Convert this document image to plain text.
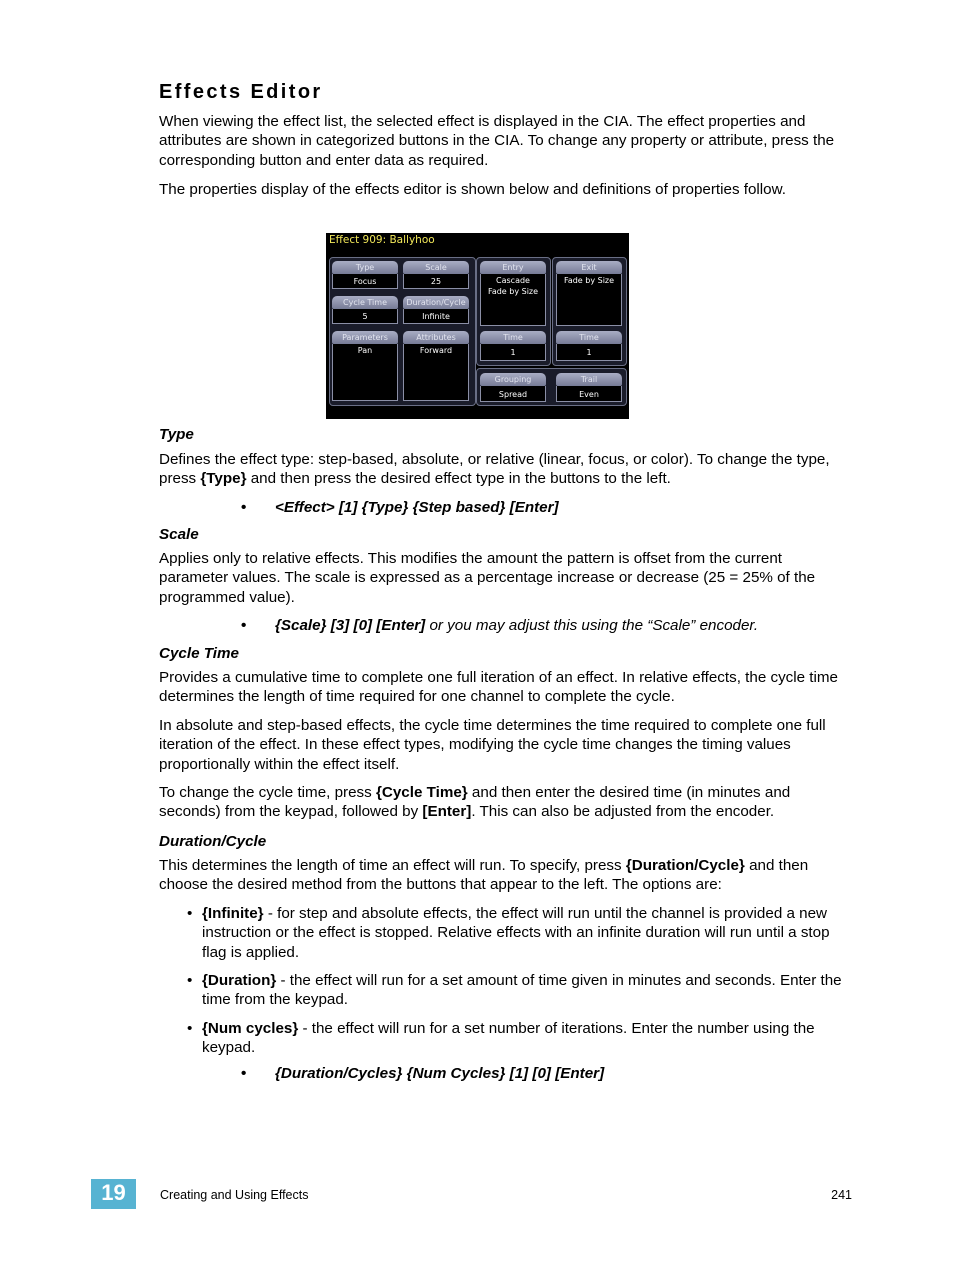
Effects Editor

When viewing the effect list, the selected effect is displayed in the CIA. The effect properties and attributes are shown in categorized buttons in the CIA. To change any property or attribute, press the corresponding button and enter data as required.

The properties display of the effects editor is shown below and definitions of properties follow.

Effect 909: Ballyhoo
Type
Focus
Scale
25
Cycle Time
5
Duration/Cycle
Infinite
Parameters
Pan
Attributes
Forward
Entry
Cascade
Fade by Size
Exit
Fade by Size
Time
1
Time
1
Grouping
Spread
Trail
Even
Type

Defines the effect type: step-based, absolute, or relative (linear, focus, or color). To change the type, press {Type} and then press the desired effect type in the buttons to the left.

• <Effect> [1] {Type} {Step based} [Enter]
Scale

Applies only to relative effects. This modifies the amount the pattern is offset from the current parameter values. The scale is expressed as a percentage increase or decrease (25 = 25% of the programmed value).

• {Scale} [3] [0] [Enter] or you may adjust this using the “Scale” encoder.
Cycle Time

Provides a cumulative time to complete one full iteration of an effect. In relative effects, the cycle time determines the length of time required for one channel to complete the cycle.

In absolute and step-based effects, the cycle time determines the time required to complete one full iteration of the effect. In these effect types, modifying the cycle time changes the timing values proportionally within the effect itself.

To change the cycle time, press {Cycle Time} and then enter the desired time (in minutes and seconds) from the keypad, followed by [Enter]. This can also be adjusted from the encoder.

Duration/Cycle

This determines the length of time an effect will run. To specify, press {Duration/Cycle} and then choose the desired method from the buttons that appear to the left. The options are:

• {Infinite} - for step and absolute effects, the effect will run until the channel is provided a new instruction or the effect is stopped. Relative effects with an infinite duration will run until a stop flag is applied.
• {Duration} - the effect will run for a set amount of time given in minutes and seconds. Enter the time from the keypad.
• {Num cycles} - the effect will run for a set number of iterations. Enter the number using the keypad.
• {Duration/Cycles} {Num Cycles} [1] [0] [Enter]
19	Creating and Using Effects	241
